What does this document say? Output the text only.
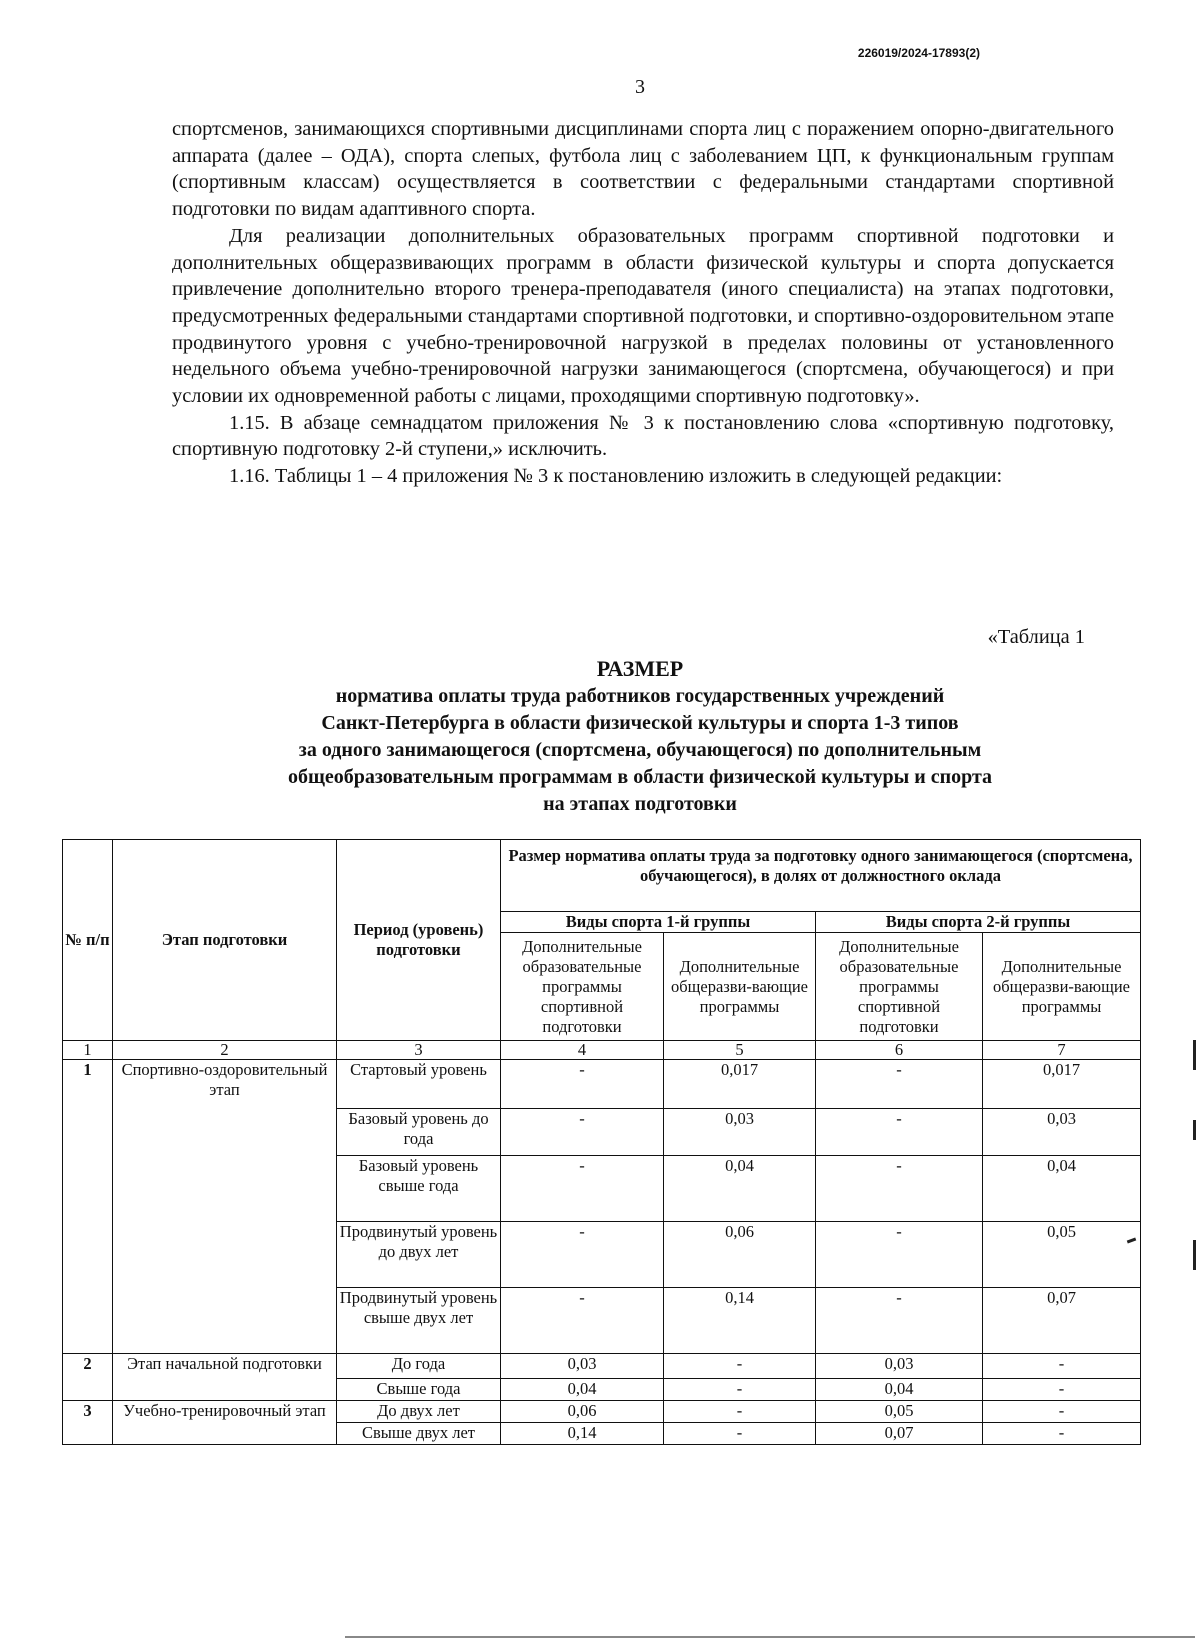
226019/2024-17893(2)
3

спортсменов, занимающихся спортивными дисциплинами спорта лиц с поражением опорно-двигательного аппарата (далее – ОДА), спорта слепых, футбола лиц с заболеванием ЦП, к функциональным группам (спортивным классам) осуществляется в соответствии с федеральными стандартами спортивной подготовки по видам адаптивного спорта.

Для реализации дополнительных образовательных программ спортивной подготовки и дополнительных общеразвивающих программ в области физической культуры и спорта допускается привлечение дополнительно второго тренера-преподавателя (иного специалиста) на этапах подготовки, предусмотренных федеральными стандартами спортивной подготовки, и спортивно-оздоровительном этапе продвинутого уровня с учебно-тренировочной нагрузкой в пределах половины от установленного недельного объема учебно-тренировочной нагрузки занимающегося (спортсмена, обучающегося) и при условии их одновременной работы с лицами, проходящими спортивную подготовку».

1.15. В абзаце семнадцатом приложения № 3 к постановлению слова «спортивную подготовку, спортивную подготовку 2-й ступени,» исключить.

1.16. Таблицы 1 – 4 приложения № 3 к постановлению изложить в следующей редакции:

«Таблица 1
РАЗМЕР
норматива оплаты труда работников государственных учреждений
Санкт-Петербурга в области физической культуры и спорта 1-3 типов
за одного занимающегося (спортсмена, обучающегося) по дополнительным
общеобразовательным программам в области физической культуры и спорта
на этапах подготовки
№ п/п	Этап подготовки	Период (уровень) подготовки	Размер норматива оплаты труда за подготовку одного занимающегося (спортсмена, обучающегося), в долях от должностного оклада			
			Виды спорта 1-й группы		Виды спорта 2-й группы	
			Дополнительные образовательные программы спортивной подготовки	Дополнительные общеразви-вающие программы	Дополнительные образовательные программы спортивной подготовки	Дополнительные общеразви-вающие программы
1	2	3	4	5	6	7
1	Спортивно-оздоровительный этап	Стартовый уровень	-	0,017	-	0,017
		Базовый уровень до года	-	0,03	-	0,03
		Базовый уровень свыше года	-	0,04	-	0,04
		Продвинутый уровень до двух лет	-	0,06	-	0,05
		Продвинутый уровень свыше двух лет	-	0,14	-	0,07
2	Этап начальной подготовки	До года	0,03	-	0,03	-
		Свыше года	0,04	-	0,04	-
3	Учебно-тренировочный этап	До двух лет	0,06	-	0,05	-
		Свыше двух лет	0,14	-	0,07	-
